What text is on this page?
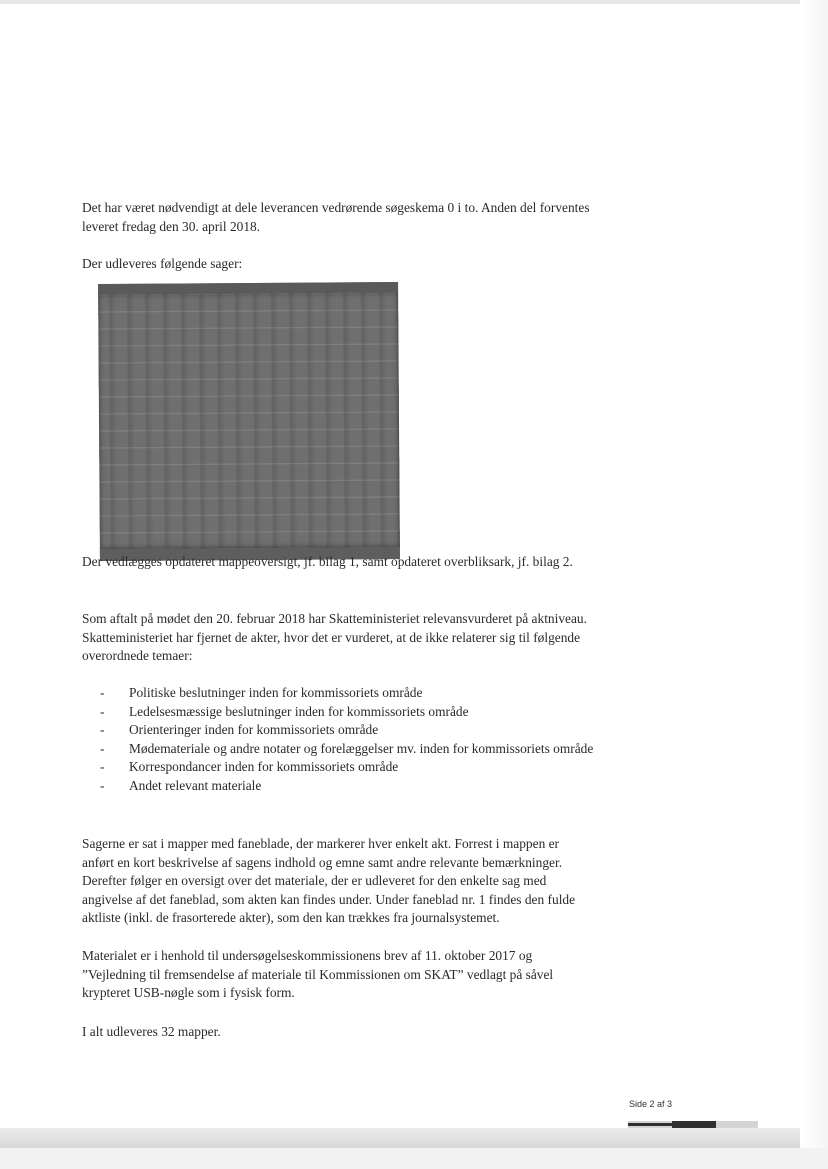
Det har været nødvendigt at dele leverancen vedrørende søgeskema 0 i to. Anden del forventes leveret fredag den 30. april 2018.

Der udleveres følgende sager:

Der vedlægges opdateret mappeoversigt, jf. bilag 1, samt opdateret overbliksark, jf. bilag 2.

Som aftalt på mødet den 20. februar 2018 har Skatteministeriet relevansvurderet på aktniveau. Skatteministeriet har fjernet de akter, hvor det er vurderet, at de ikke relaterer sig til følgende overordnede temaer:

-	Politiske beslutninger inden for kommissoriets område
-	Ledelsesmæssige beslutninger inden for kommissoriets område
-	Orienteringer inden for kommissoriets område
-	Mødemateriale og andre notater og forelæggelser mv. inden for kommissoriets område
-	Korrespondancer inden for kommissoriets område
-	Andet relevant materiale

Sagerne er sat i mapper med faneblade, der markerer hver enkelt akt. Forrest i mappen er anført en kort beskrivelse af sagens indhold og emne samt andre relevante bemærkninger. Derefter følger en oversigt over det materiale, der er udleveret for den enkelte sag med angivelse af det faneblad, som akten kan findes under. Under faneblad nr. 1 findes den fulde aktliste (inkl. de frasorterede akter), som den kan trækkes fra journalsystemet.

Materialet er i henhold til undersøgelseskommissionens brev af 11. oktober 2017 og ”Vejledning til fremsendelse af materiale til Kommissionen om SKAT” vedlagt på såvel krypteret USB-nøgle som i fysisk form.

I alt udleveres 32 mapper.

Side 2 af 3
